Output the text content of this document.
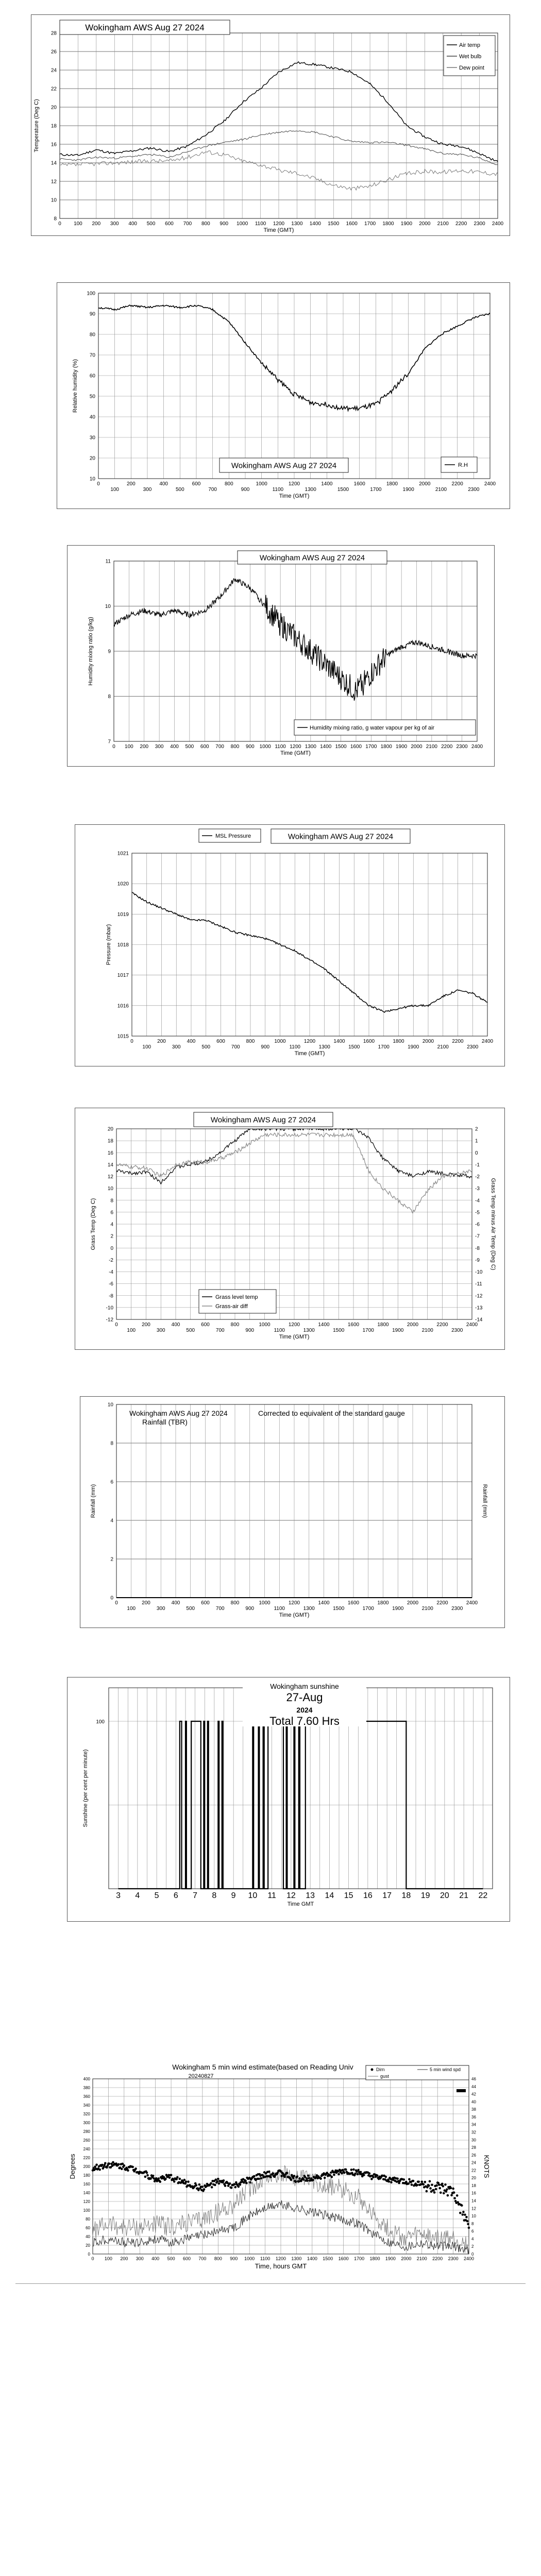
8
10
12
14
16
18
20
22
24
26
28
0 100 200 300 400 500 600 700 800 900 1000 1100 1200 1300 1400 1500 1600 1700 1800 1900 2000 2100 2200 2300 2400
Time (GMT)
Temperature (Deg C)
Wokingham AWS Aug 27 2024
Air temp
Wet bulb
Dew point
10
20
30
40
50
60
70
80
90
100
0	200	400	600	800	1000	1200	1400	1600	1800	2000	2200	2400
100	300	500	700	900	1100	1300	1500	1700	1900	2100	2300
Time (GMT)
Relative humidity (%)
Wokingham AWS Aug 27 2024	R.H
7
8
9
10
11
0 100 200 300 400 500 600 700 800 900 1000 1100 1200 1300 1400 1500 1600 1700 1800 1900 2000 2100 2200 2300 2400
Time (GMT)
Humidity mixing ratio (g/kg)
Wokingham AWS Aug 27 2024
Humidity mixing ratio, g water vapour per kg of air
1015
1016
1017
1018
1019
1020
1021
0	200	400	600	800	1000	1200	1400	1600	1800	2000	2200	2400
100	300	500	700	900	1100	1300	1500	1700	1900	2100	2300
Time (GMT)
Pressure (mbar)
MSL Pressure	Wokingham AWS Aug 27 2024
20
18
16
14
12
10
8
6
4
2
0
-2
-4
-6
-8
-10
-12
0	200	400	600	800	1000	1200	1400	1600	1800	2000	2200	2400
100	300	500	700	900	1100	1300	1500	1700	1900	2100	2300
Time (GMT)
Grass Temp (Deg C)
2
1
0
-1
-2
-3
-4
-5
-6
-7
-8
-9
-10
-11
-12
-13
-14
Grass Temp minus Air Temp (Deg C)
Wokingham AWS Aug 27 2024
Grass level temp
Grass-air diff
0
2
4
6
8
10
0	200	400	600	800	1000	1200	1400	1600	1800	2000	2200	2400
100	300	500	700	900	1100	1300	1500	1700	1900	2100	2300
Time (GMT)
Rainfall (mm)	Rainfall (mm)
Wokingham AWS Aug 27 2024
Rainfall (TBR)
Corrected to equivalent of the standard gauge
100
3 4 5 6 7 8 9 10 11 12 13 14 15 16 17 18 19 20 21 22
Time GMT
Sunshine (per cent per minute)
Wokingham sunshine
27-Aug
2024
Total 7.60 Hrs
0
20
40
60
80
100
120
140
160
180
200
220
240
260
280
300
320
340
360
380
400
0
2
4
6
8
10
12
14
16
18
20
22
24
26
28
30
32
34
36
38
40
42
44
46
0 100 200 300 400 500 600 700 800 900 1000 1100 1200 1300 1400 1500 1600 1700 1800 1900 2000 2100 2200 2300 2400
Time, hours GMT
Degrees	KNOTS
Wokingham 5 min wind estimate(based on Reading Univ
20240827
Dirn	5 min wind spd
gust
